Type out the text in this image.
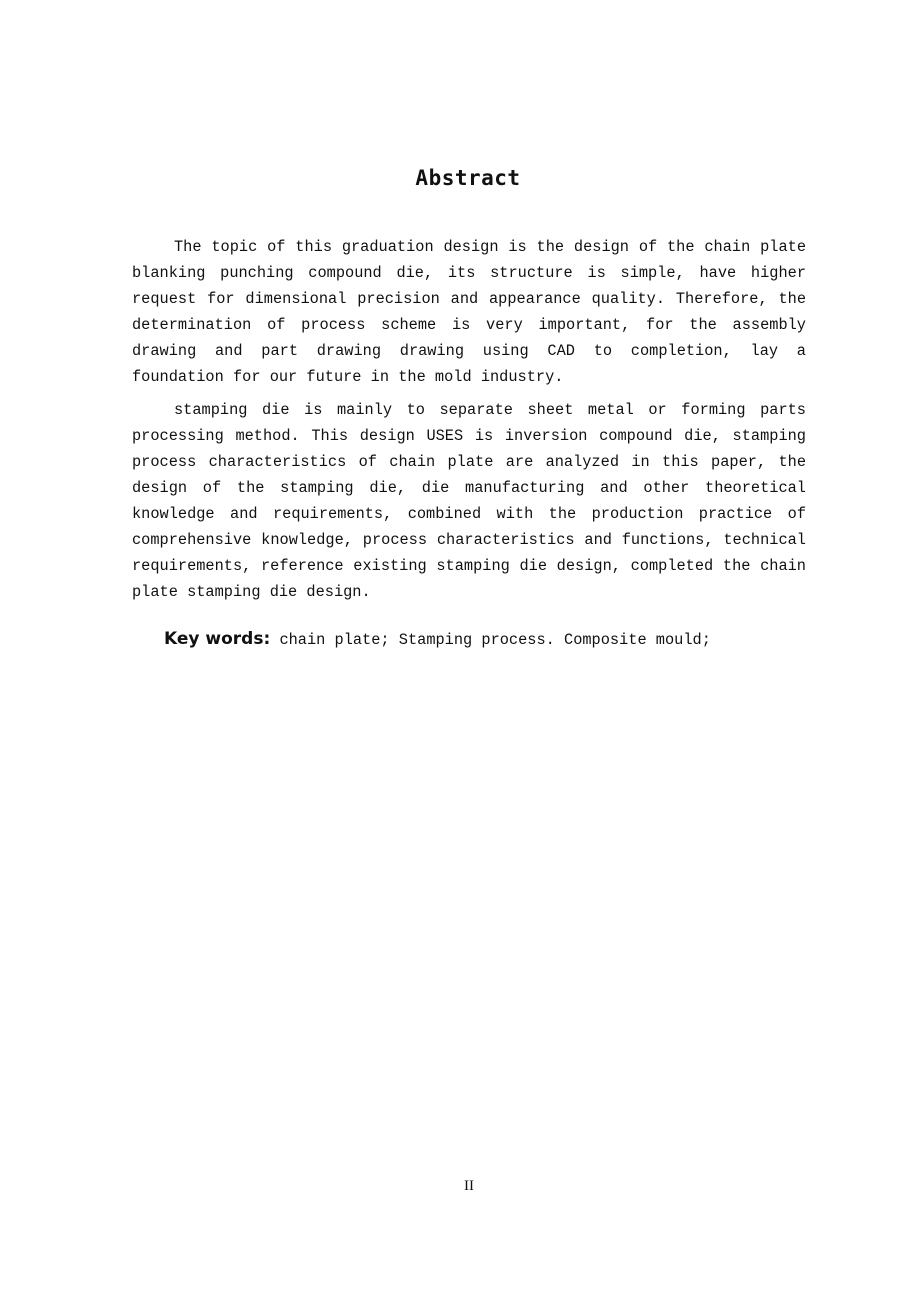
Abstract

The topic of this graduation design is the design of the chain plate blanking punching compound die, its structure is simple, have higher request for dimensional precision and appearance quality. Therefore, the determination of process scheme is very important, for the assembly drawing and part drawing drawing using CAD to completion, lay a foundation for our future in the mold industry.

stamping die is mainly to separate sheet metal or forming parts processing method. This design USES is inversion compound die, stamping process characteristics of chain plate are analyzed in this paper, the design of the stamping die, die manufacturing and other theoretical knowledge and requirements, combined with the production practice of comprehensive knowledge, process characteristics and functions, technical requirements, reference existing stamping die design, completed the chain plate stamping die design.

Key words: chain plate; Stamping process. Composite mould;
II
